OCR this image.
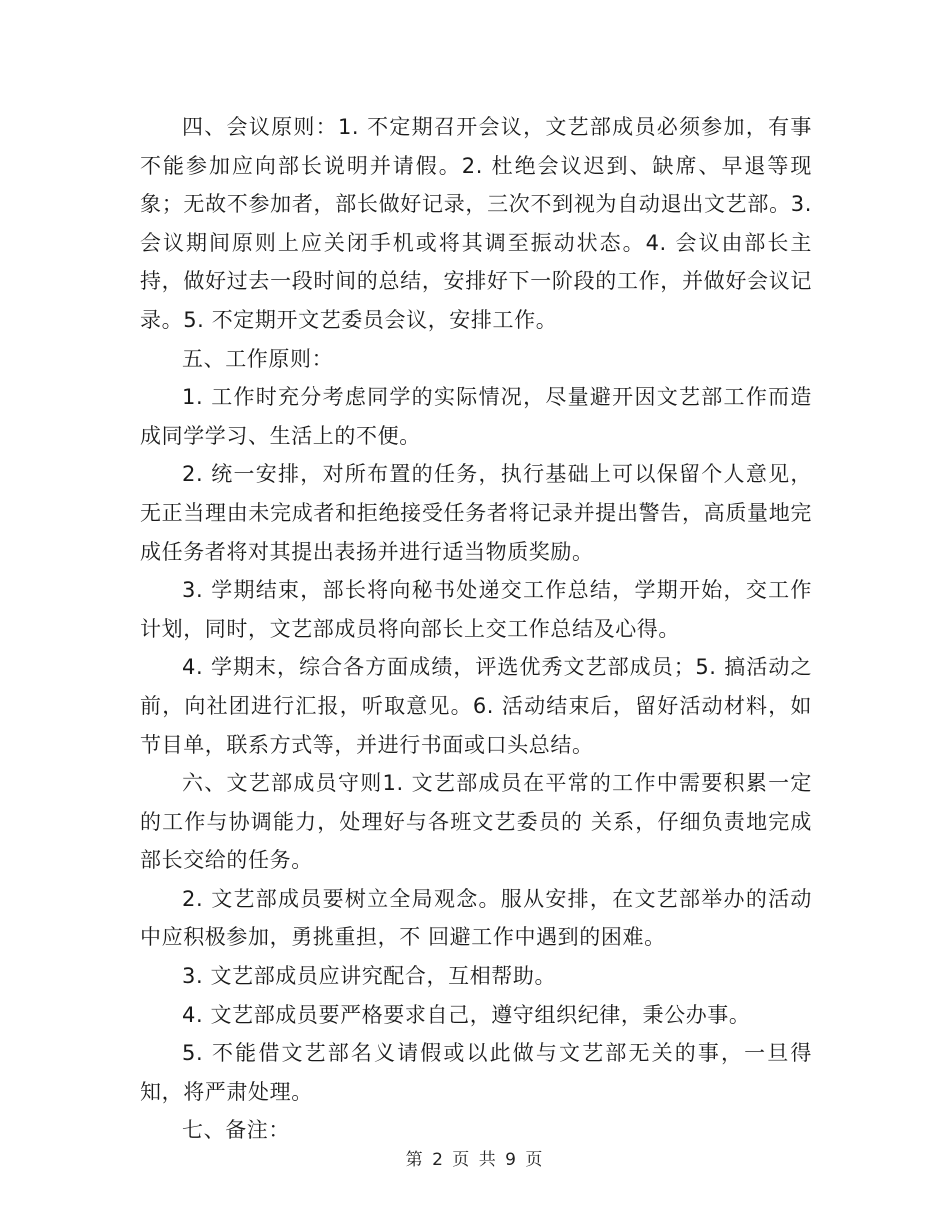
四、会议原则：1. 不定期召开会议，文艺部成员必须参加，有事不能参加应向部长说明并请假。2. 杜绝会议迟到、缺席、早退等现象；无故不参加者，部长做好记录，三次不到视为自动退出文艺部。3. 会议期间原则上应关闭手机或将其调至振动状态。4. 会议由部长主持，做好过去一段时间的总结，安排好下一阶段的工作，并做好会议记录。5. 不定期开文艺委员会议，安排工作。

五、工作原则：

1. 工作时充分考虑同学的实际情况，尽量避开因文艺部工作而造成同学学习、生活上的不便。

2. 统一安排，对所布置的任务，执行基础上可以保留个人意见，无正当理由未完成者和拒绝接受任务者将记录并提出警告，高质量地完成任务者将对其提出表扬并进行适当物质奖励。

3. 学期结束，部长将向秘书处递交工作总结，学期开始，交工作计划，同时，文艺部成员将向部长上交工作总结及心得。

4. 学期末，综合各方面成绩，评选优秀文艺部成员；5. 搞活动之前，向社团进行汇报，听取意见。6. 活动结束后，留好活动材料，如节目单，联系方式等，并进行书面或口头总结。

六、文艺部成员守则1. 文艺部成员在平常的工作中需要积累一定的工作与协调能力，处理好与各班文艺委员的 关系，仔细负责地完成部长交给的任务。

2. 文艺部成员要树立全局观念。服从安排，在文艺部举办的活动中应积极参加，勇挑重担，不 回避工作中遇到的困难。

3. 文艺部成员应讲究配合，互相帮助。

4. 文艺部成员要严格要求自己，遵守组织纪律，秉公办事。

5. 不能借文艺部名义请假或以此做与文艺部无关的事，一旦得知，将严肃处理。

七、备注：

第 2 页 共 9 页
